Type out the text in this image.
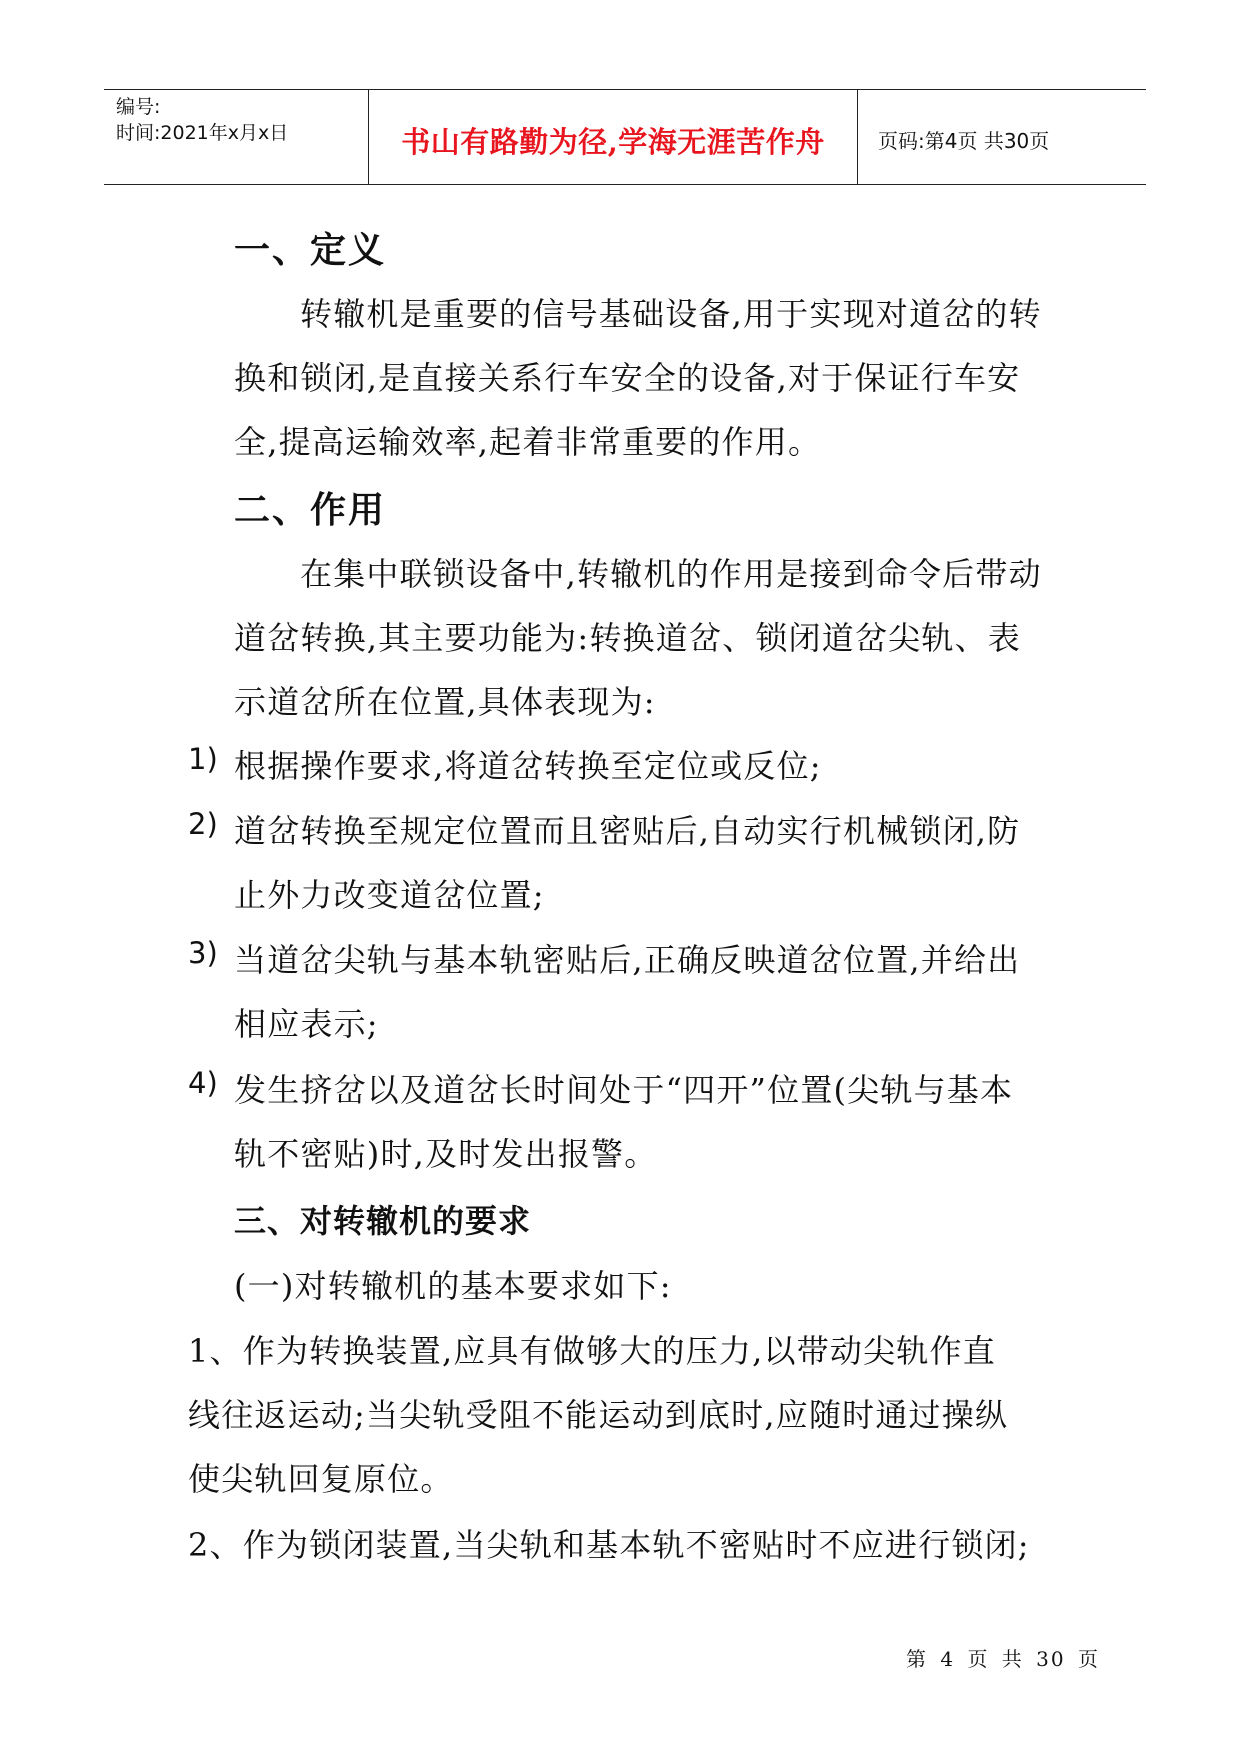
编号:
时间:2021年x月x日	书山有路勤为径,学海无涯苦作舟	页码:第4页 共30页
一、定义
转辙机是重要的信号基础设备,用于实现对道岔的转
换和锁闭,是直接关系行车安全的设备,对于保证行车安
全,提高运输效率,起着非常重要的作用。
二、作用
在集中联锁设备中,转辙机的作用是接到命令后带动
道岔转换,其主要功能为:转换道岔、锁闭道岔尖轨、表
示道岔所在位置,具体表现为:
1) 根据操作要求,将道岔转换至定位或反位;
2) 道岔转换至规定位置而且密贴后,自动实行机械锁闭,防
止外力改变道岔位置;
3) 当道岔尖轨与基本轨密贴后,正确反映道岔位置,并给出
相应表示;
4) 发生挤岔以及道岔长时间处于“四开”位置(尖轨与基本
轨不密贴)时,及时发出报警。
三、对转辙机的要求
(一)对转辙机的基本要求如下:
1、作为转换装置,应具有做够大的压力,以带动尖轨作直
线往返运动;当尖轨受阻不能运动到底时,应随时通过操纵
使尖轨回复原位。
2、作为锁闭装置,当尖轨和基本轨不密贴时不应进行锁闭;
第 4 页 共 30 页
